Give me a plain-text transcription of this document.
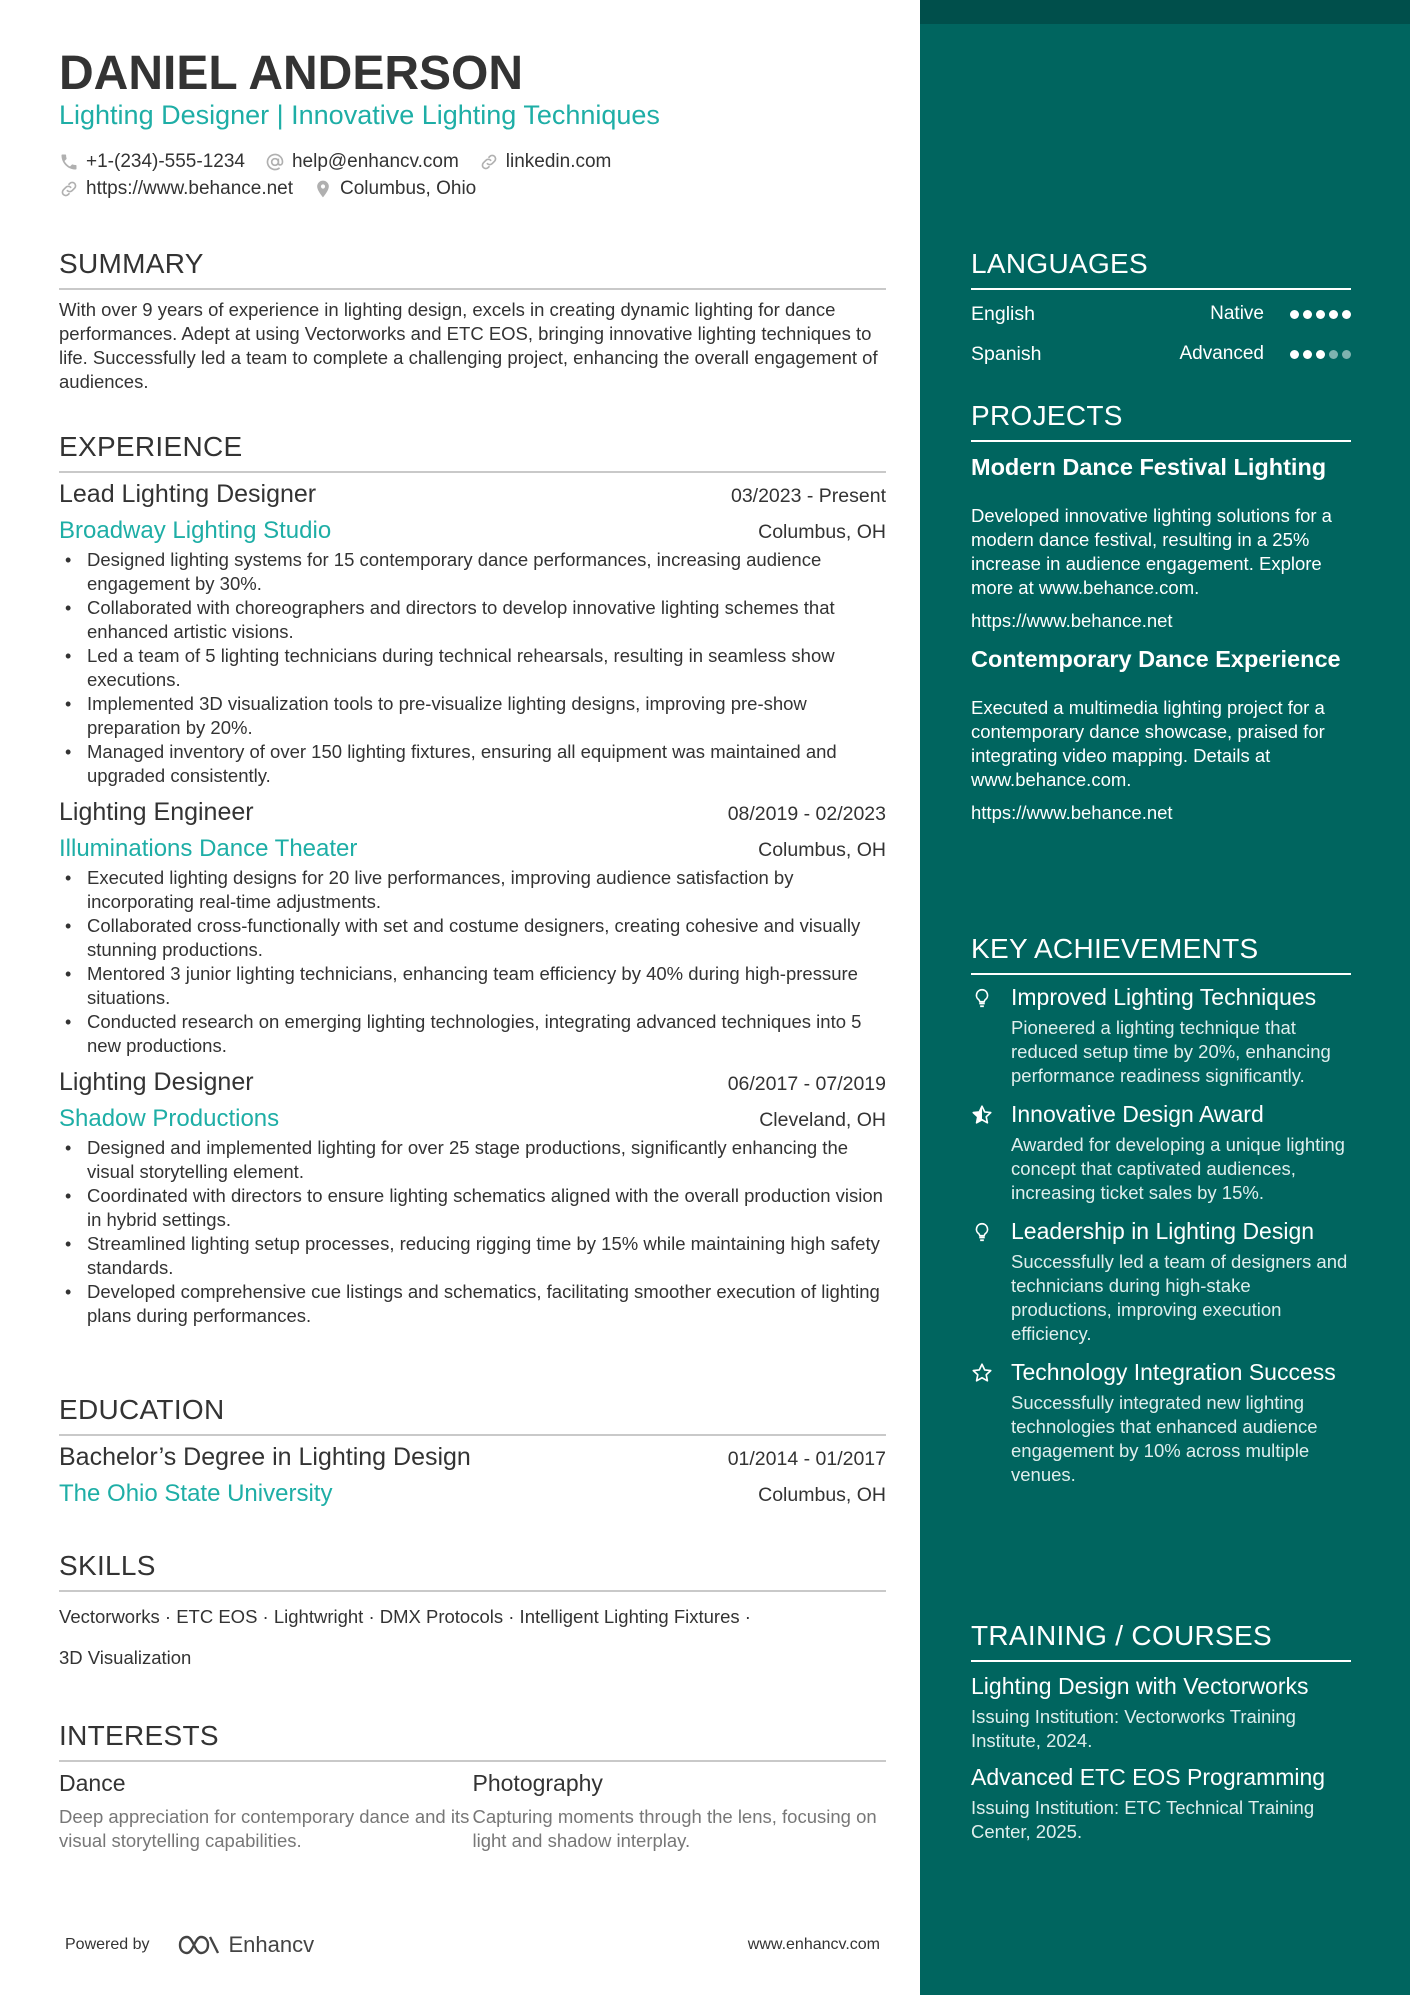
DANIEL ANDERSON
Lighting Designer | Innovative Lighting Techniques
+1-(234)-555-1234 help@enhancv.com linkedin.com
https://www.behance.net Columbus, Ohio
SUMMARY
With over 9 years of experience in lighting design, excels in creating dynamic lighting for dance performances. Adept at using Vectorworks and ETC EOS, bringing innovative lighting techniques to life. Successfully led a team to complete a challenging project, enhancing the overall engagement of audiences.
EXPERIENCE
Lead Lighting Designer	03/2023 - Present
Broadway Lighting Studio	Columbus, OH
• Designed lighting systems for 15 contemporary dance performances, increasing audience engagement by 30%.
• Collaborated with choreographers and directors to develop innovative lighting schemes that enhanced artistic visions.
• Led a team of 5 lighting technicians during technical rehearsals, resulting in seamless show executions.
• Implemented 3D visualization tools to pre-visualize lighting designs, improving pre-show preparation by 20%.
• Managed inventory of over 150 lighting fixtures, ensuring all equipment was maintained and upgraded consistently.
Lighting Engineer	08/2019 - 02/2023
Illuminations Dance Theater	Columbus, OH
• Executed lighting designs for 20 live performances, improving audience satisfaction by incorporating real-time adjustments.
• Collaborated cross-functionally with set and costume designers, creating cohesive and visually stunning productions.
• Mentored 3 junior lighting technicians, enhancing team efficiency by 40% during high-pressure situations.
• Conducted research on emerging lighting technologies, integrating advanced techniques into 5 new productions.
Lighting Designer	06/2017 - 07/2019
Shadow Productions	Cleveland, OH
• Designed and implemented lighting for over 25 stage productions, significantly enhancing the visual storytelling element.
• Coordinated with directors to ensure lighting schematics aligned with the overall production vision in hybrid settings.
• Streamlined lighting setup processes, reducing rigging time by 15% while maintaining high safety standards.
• Developed comprehensive cue listings and schematics, facilitating smoother execution of lighting plans during performances.
EDUCATION
Bachelor’s Degree in Lighting Design	01/2014 - 01/2017
The Ohio State University	Columbus, OH
SKILLS
Vectorworks · ETC EOS · Lightwright · DMX Protocols · Intelligent Lighting Fixtures ·
3D Visualization
INTERESTS
Dance
Deep appreciation for contemporary dance and its visual storytelling capabilities.
Photography
Capturing moments through the lens, focusing on light and shadow interplay.
Powered by	Enhancv	www.enhancv.com
LANGUAGES
English	Native
Spanish	Advanced
PROJECTS
Modern Dance Festival Lighting
Developed innovative lighting solutions for a modern dance festival, resulting in a 25% increase in audience engagement. Explore more at www.behance.com.
https://www.behance.net
Contemporary Dance Experience
Executed a multimedia lighting project for a contemporary dance showcase, praised for integrating video mapping. Details at www.behance.com.
https://www.behance.net
KEY ACHIEVEMENTS
Improved Lighting Techniques
Pioneered a lighting technique that reduced setup time by 20%, enhancing performance readiness significantly.
Innovative Design Award
Awarded for developing a unique lighting concept that captivated audiences, increasing ticket sales by 15%.
Leadership in Lighting Design
Successfully led a team of designers and technicians during high-stake productions, improving execution efficiency.
Technology Integration Success
Successfully integrated new lighting technologies that enhanced audience engagement by 10% across multiple venues.
TRAINING / COURSES
Lighting Design with Vectorworks
Issuing Institution: Vectorworks Training Institute, 2024.
Advanced ETC EOS Programming
Issuing Institution: ETC Technical Training Center, 2025.
